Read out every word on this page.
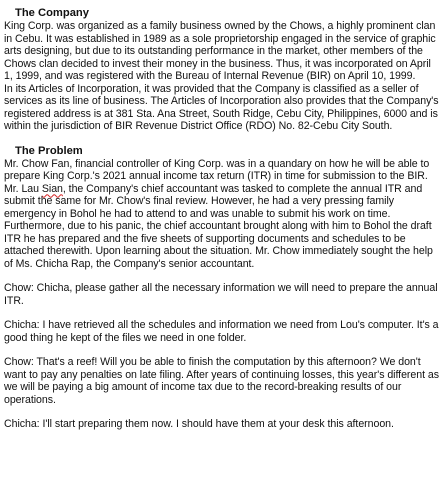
The Company

King Corp. was organized as a family business owned by the Chows, a highly prominent clan in Cebu. It was established in 1989 as a sole proprietorship engaged in the service of graphic arts designing, but due to its outstanding performance in the market, other members of the Chows clan decided to invest their money in the business. Thus, it was incorporated on April 1, 1999, and was registered with the Bureau of Internal Revenue (BIR) on April 10, 1999.

In its Articles of Incorporation, it was provided that the Company is classified as a seller of services as its line of business. The Articles of Incorporation also provides that the Company's registered address is at 381 Sta. Ana Street, South Ridge, Cebu City, Philippines, 6000 and is within the jurisdiction of BIR Revenue District Office (RDO) No. 82-Cebu City South.

The Problem

Mr. Chow Fan, financial controller of King Corp. was in a quandary on how he will be able to prepare King Corp.'s 2021 annual income tax return (ITR) in time for submission to the BIR. Mr. Lau Sian, the Company's chief accountant was tasked to complete the annual ITR and submit the same for Mr. Chow's final review. However, he had a very pressing family emergency in Bohol he had to attend to and was unable to submit his work on time. Furthermore, due to his panic, the chief accountant brought along with him to Bohol the draft ITR he has prepared and the five sheets of supporting documents and schedules to be attached therewith. Upon learning about the situation. Mr. Chow immediately sought the help of Ms. Chicha Rap, the Company's senior accountant.

Chow: Chicha, please gather all the necessary information we will need to prepare the annual ITR.

Chicha: I have retrieved all the schedules and information we need from Lou's computer. It's a good thing he kept of the files we need in one folder.

Chow: That's a reef! Will you be able to finish the computation by this afternoon? We don't want to pay any penalties on late filing. After years of continuing losses, this year's different as we will be paying a big amount of income tax due to the record-breaking results of our operations.

Chicha: I'll start preparing them now. I should have them at your desk this afternoon.
